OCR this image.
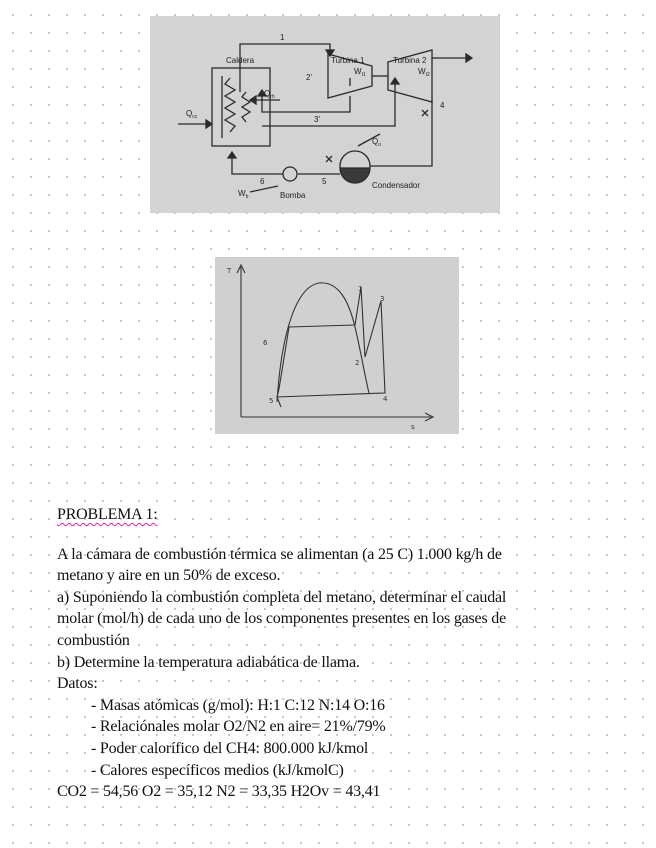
Caldera	Turbina 1	Turbina 2
$W_{t1}$	$W_{t2}$
$Q_{cc}$
$Q_{rh}$
$Q_o$
$W_b$	Bomba
Condensador
1
2'
3'
4
5
6
T
s
1
2
3
4
5
6

PROBLEMA 1:

A la cámara de combustión térmica se alimentan (a 25 C) 1.000 kg/h de

metano y aire en un 50% de exceso.

a) Suponiendo la combustión completa del metano, determinar el caudal

molar (mol/h) de cada uno de los componentes presentes en los gases de

combustión

b) Determine la temperatura adiabática de llama.

Datos:

- Masas atómicas (g/mol): H:1 C:12 N:14 O:16

- Relaciónales molar O2/N2 en aire= 21%/79%

- Poder calorífico del CH4: 800.000 kJ/kmol

- Calores específicos medios (kJ/kmolC)

CO2 = 54,56 O2 = 35,12 N2 = 33,35 H2Ov = 43,41
